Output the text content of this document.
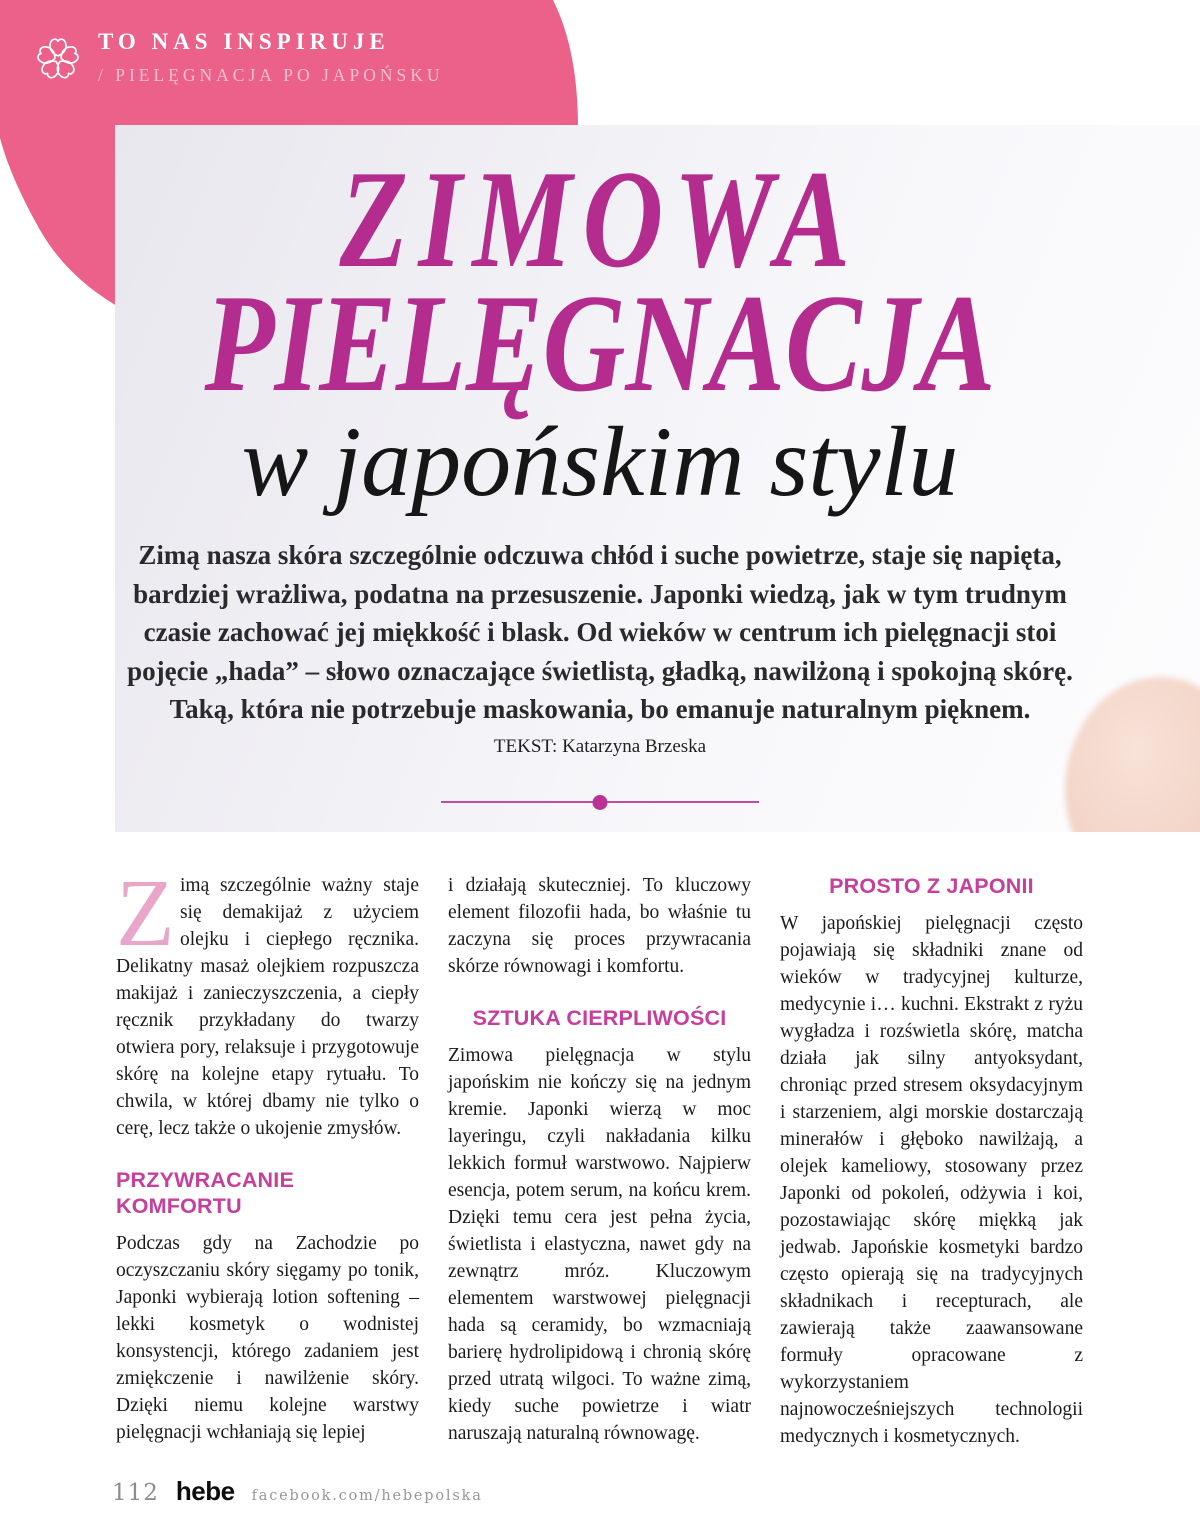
TO NAS INSPIRUJE
/ PIELĘGNACJA PO JAPOŃSKU
ZIMOWA
PIELĘGNACJA
w japońskim stylu

Zimą nasza skóra szczególnie odczuwa chłód i suche powietrze, staje się napięta, bardziej wrażliwa, podatna na przesuszenie. Japonki wiedzą, jak w tym trudnym czasie zachować jej miękkość i blask. Od wieków w centrum ich pielęgnacji stoi pojęcie „hada” – słowo oznaczające świetlistą, gładką, nawilżoną i spokojną skórę. Taką, która nie potrzebuje maskowania, bo emanuje naturalnym pięknem.

TEKST: Katarzyna Brzeska

Zimą szczególnie ważny staje się demakijaż z użyciem olejku i ciepłego ręcznika. Delikatny masaż olejkiem rozpuszcza makijaż i zanieczyszczenia, a ciepły ręcznik przykładany do twarzy otwiera pory, relaksuje i przygotowuje skórę na kolejne etapy rytuału. To chwila, w której dbamy nie tylko o cerę, lecz także o ukojenie zmysłów.

PRZYWRACANIE KOMFORTU

Podczas gdy na Zachodzie po oczyszczaniu skóry sięgamy po tonik, Japonki wybierają lotion softening – lekki kosmetyk o wodnistej konsystencji, którego zadaniem jest zmiękczenie i nawilżenie skóry. Dzięki niemu kolejne warstwy pielęgnacji wchłaniają się lepiej

i działają skuteczniej. To kluczowy element filozofii hada, bo właśnie tu zaczyna się proces przywracania skórze równowagi i komfortu.

SZTUKA CIERPLIWOŚCI

Zimowa pielęgnacja w stylu japońskim nie kończy się na jednym kremie. Japonki wierzą w moc layeringu, czyli nakładania kilku lekkich formuł warstwowo. Najpierw esencja, potem serum, na końcu krem. Dzięki temu cera jest pełna życia, świetlista i elastyczna, nawet gdy na zewnątrz mróz. Kluczowym elementem warstwowej pielęgnacji hada są ceramidy, bo wzmacniają barierę hydrolipidową i chronią skórę przed utratą wilgoci. To ważne zimą, kiedy suche powietrze i wiatr naruszają naturalną równowagę.

PROSTO Z JAPONII

W japońskiej pielęgnacji często pojawiają się składniki znane od wieków w tradycyjnej kulturze, medycynie i… kuchni. Ekstrakt z ryżu wygładza i rozświetla skórę, matcha działa jak silny antyoksydant, chroniąc przed stresem oksydacyjnym i starzeniem, algi morskie dostarczają minerałów i głęboko nawilżają, a olejek kameliowy, stosowany przez Japonki od pokoleń, odżywia i koi, pozostawiając skórę miękką jak jedwab. Japońskie kosmetyki bardzo często opierają się na tradycyjnych składnikach i recepturach, ale zawierają także zaawansowane formuły opracowane z wykorzystaniem najnowocześniejszych technologii medycznych i kosmetycznych.

112 hebe facebook.com/hebepolska
